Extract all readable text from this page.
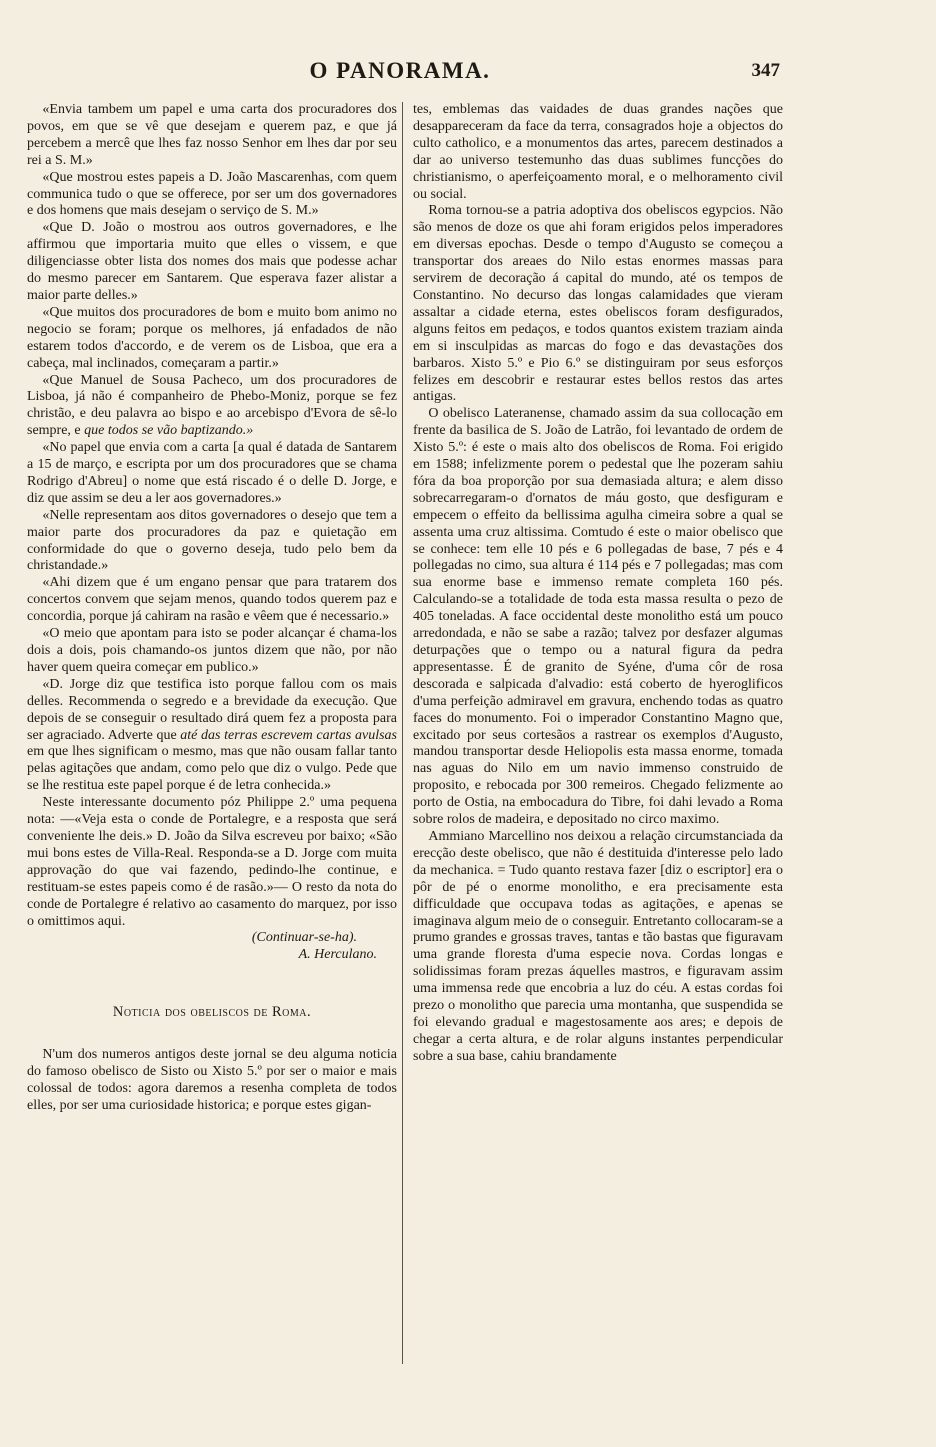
O PANORAMA.	347

«Envia tambem um papel e uma carta dos procuradores dos povos, em que se vê que desejam e querem paz, e que já percebem a mercê que lhes faz nosso Senhor em lhes dar por seu rei a S. M.»

«Que mostrou estes papeis a D. João Mascarenhas, com quem communica tudo o que se offerece, por ser um dos governadores e dos homens que mais desejam o serviço de S. M.»

«Que D. João o mostrou aos outros governadores, e lhe affirmou que importaria muito que elles o vissem, e que diligenciasse obter lista dos nomes dos mais que podesse achar do mesmo parecer em Santarem. Que esperava fazer alistar a maior parte delles.»

«Que muitos dos procuradores de bom e muito bom animo no negocio se foram; porque os melhores, já enfadados de não estarem todos d'accordo, e de verem os de Lisboa, que era a cabeça, mal inclinados, começaram a partir.»

«Que Manuel de Sousa Pacheco, um dos procuradores de Lisboa, já não é companheiro de Phebo-Moniz, porque se fez christão, e deu palavra ao bispo e ao arcebispo d'Evora de sê-lo sempre, e que todos se vão baptizando.»

«No papel que envia com a carta [a qual é datada de Santarem a 15 de março, e escripta por um dos procuradores que se chama Rodrigo d'Abreu] o nome que está riscado é o delle D. Jorge, e diz que assim se deu a ler aos governadores.»

«Nelle representam aos ditos governadores o desejo que tem a maior parte dos procuradores da paz e quietação em conformidade do que o governo deseja, tudo pelo bem da christandade.»

«Ahi dizem que é um engano pensar que para tratarem dos concertos convem que sejam menos, quando todos querem paz e concordia, porque já cahiram na rasão e vêem que é necessario.»

«O meio que apontam para isto se poder alcançar é chama-los dois a dois, pois chamando-os juntos dizem que não, por não haver quem queira começar em publico.»

«D. Jorge diz que testifica isto porque fallou com os mais delles. Recommenda o segredo e a brevidade da execução. Que depois de se conseguir o resultado dirá quem fez a proposta para ser agraciado. Adverte que até das terras escrevem cartas avulsas em que lhes significam o mesmo, mas que não ousam fallar tanto pelas agitações que andam, como pelo que diz o vulgo. Pede que se lhe restitua este papel porque é de letra conhecida.»

Neste interessante documento póz Philippe 2.º uma pequena nota: —«Veja esta o conde de Portalegre, e a resposta que será conveniente lhe deis.» D. João da Silva escreveu por baixo; «São mui bons estes de Villa-Real. Responda-se a D. Jorge com muita approvação do que vai fazendo, pedindo-lhe continue, e restituam-se estes papeis como é de rasão.»— O resto da nota do conde de Portalegre é relativo ao casamento do marquez, por isso o omittimos aqui.

(Continuar-se-ha).

A. Herculano.

Noticia dos obeliscos de Roma.

N'um dos numeros antigos deste jornal se deu alguma noticia do famoso obelisco de Sisto ou Xisto 5.º por ser o maior e mais colossal de todos: agora daremos a resenha completa de todos elles, por ser uma curiosidade historica; e porque estes gigan-

tes, emblemas das vaidades de duas grandes nações que desappareceram da face da terra, consagrados hoje a objectos do culto catholico, e a monumentos das artes, parecem destinados a dar ao universo testemunho das duas sublimes funcções do christianismo, o aperfeiçoamento moral, e o melhoramento civil ou social.

Roma tornou-se a patria adoptiva dos obeliscos egypcios. Não são menos de doze os que ahi foram erigidos pelos imperadores em diversas epochas. Desde o tempo d'Augusto se começou a transportar dos areaes do Nilo estas enormes massas para servirem de decoração á capital do mundo, até os tempos de Constantino. No decurso das longas calamidades que vieram assaltar a cidade eterna, estes obeliscos foram desfigurados, alguns feitos em pedaços, e todos quantos existem traziam ainda em si insculpidas as marcas do fogo e das devastações dos barbaros. Xisto 5.º e Pio 6.º se distinguiram por seus esforços felizes em descobrir e restaurar estes bellos restos das artes antigas.

O obelisco Lateranense, chamado assim da sua collocação em frente da basilica de S. João de Latrão, foi levantado de ordem de Xisto 5.º: é este o mais alto dos obeliscos de Roma. Foi erigido em 1588; infelizmente porem o pedestal que lhe pozeram sahiu fóra da boa proporção por sua demasiada altura; e alem disso sobrecarregaram-o d'ornatos de máu gosto, que desfiguram e empecem o effeito da bellissima agulha cimeira sobre a qual se assenta uma cruz altissima. Comtudo é este o maior obelisco que se conhece: tem elle 10 pés e 6 pollegadas de base, 7 pés e 4 pollegadas no cimo, sua altura é 114 pés e 7 pollegadas; mas com sua enorme base e immenso remate completa 160 pés. Calculando-se a totalidade de toda esta massa resulta o pezo de 405 toneladas. A face occidental deste monolitho está um pouco arredondada, e não se sabe a razão; talvez por desfazer algumas deturpações que o tempo ou a natural figura da pedra appresentasse. É de granito de Syéne, d'uma côr de rosa descorada e salpicada d'alvadio: está coberto de hyeroglificos d'uma perfeição admiravel em gravura, enchendo todas as quatro faces do monumento. Foi o imperador Constantino Magno que, excitado por seus cortesãos a rastrear os exemplos d'Augusto, mandou transportar desde Heliopolis esta massa enorme, tomada nas aguas do Nilo em um navio immenso construido de proposito, e rebocada por 300 remeiros. Chegado felizmente ao porto de Ostia, na embocadura do Tibre, foi dahi levado a Roma sobre rolos de madeira, e depositado no circo maximo.

Ammiano Marcellino nos deixou a relação circumstanciada da erecção deste obelisco, que não é destituida d'interesse pelo lado da mechanica. = Tudo quanto restava fazer [diz o escriptor] era o pôr de pé o enorme monolitho, e era precisamente esta difficuldade que occupava todas as agitações, e apenas se imaginava algum meio de o conseguir. Entretanto collocaram-se a prumo grandes e grossas traves, tantas e tão bastas que figuravam uma grande floresta d'uma especie nova. Cordas longas e solidissimas foram prezas áquelles mastros, e figuravam assim uma immensa rede que encobria a luz do céu. A estas cordas foi prezo o monolitho que parecia uma montanha, que suspendida se foi elevando gradual e magestosamente aos ares; e depois de chegar a certa altura, e de rolar alguns instantes perpendicular sobre a sua base, cahiu brandamente
